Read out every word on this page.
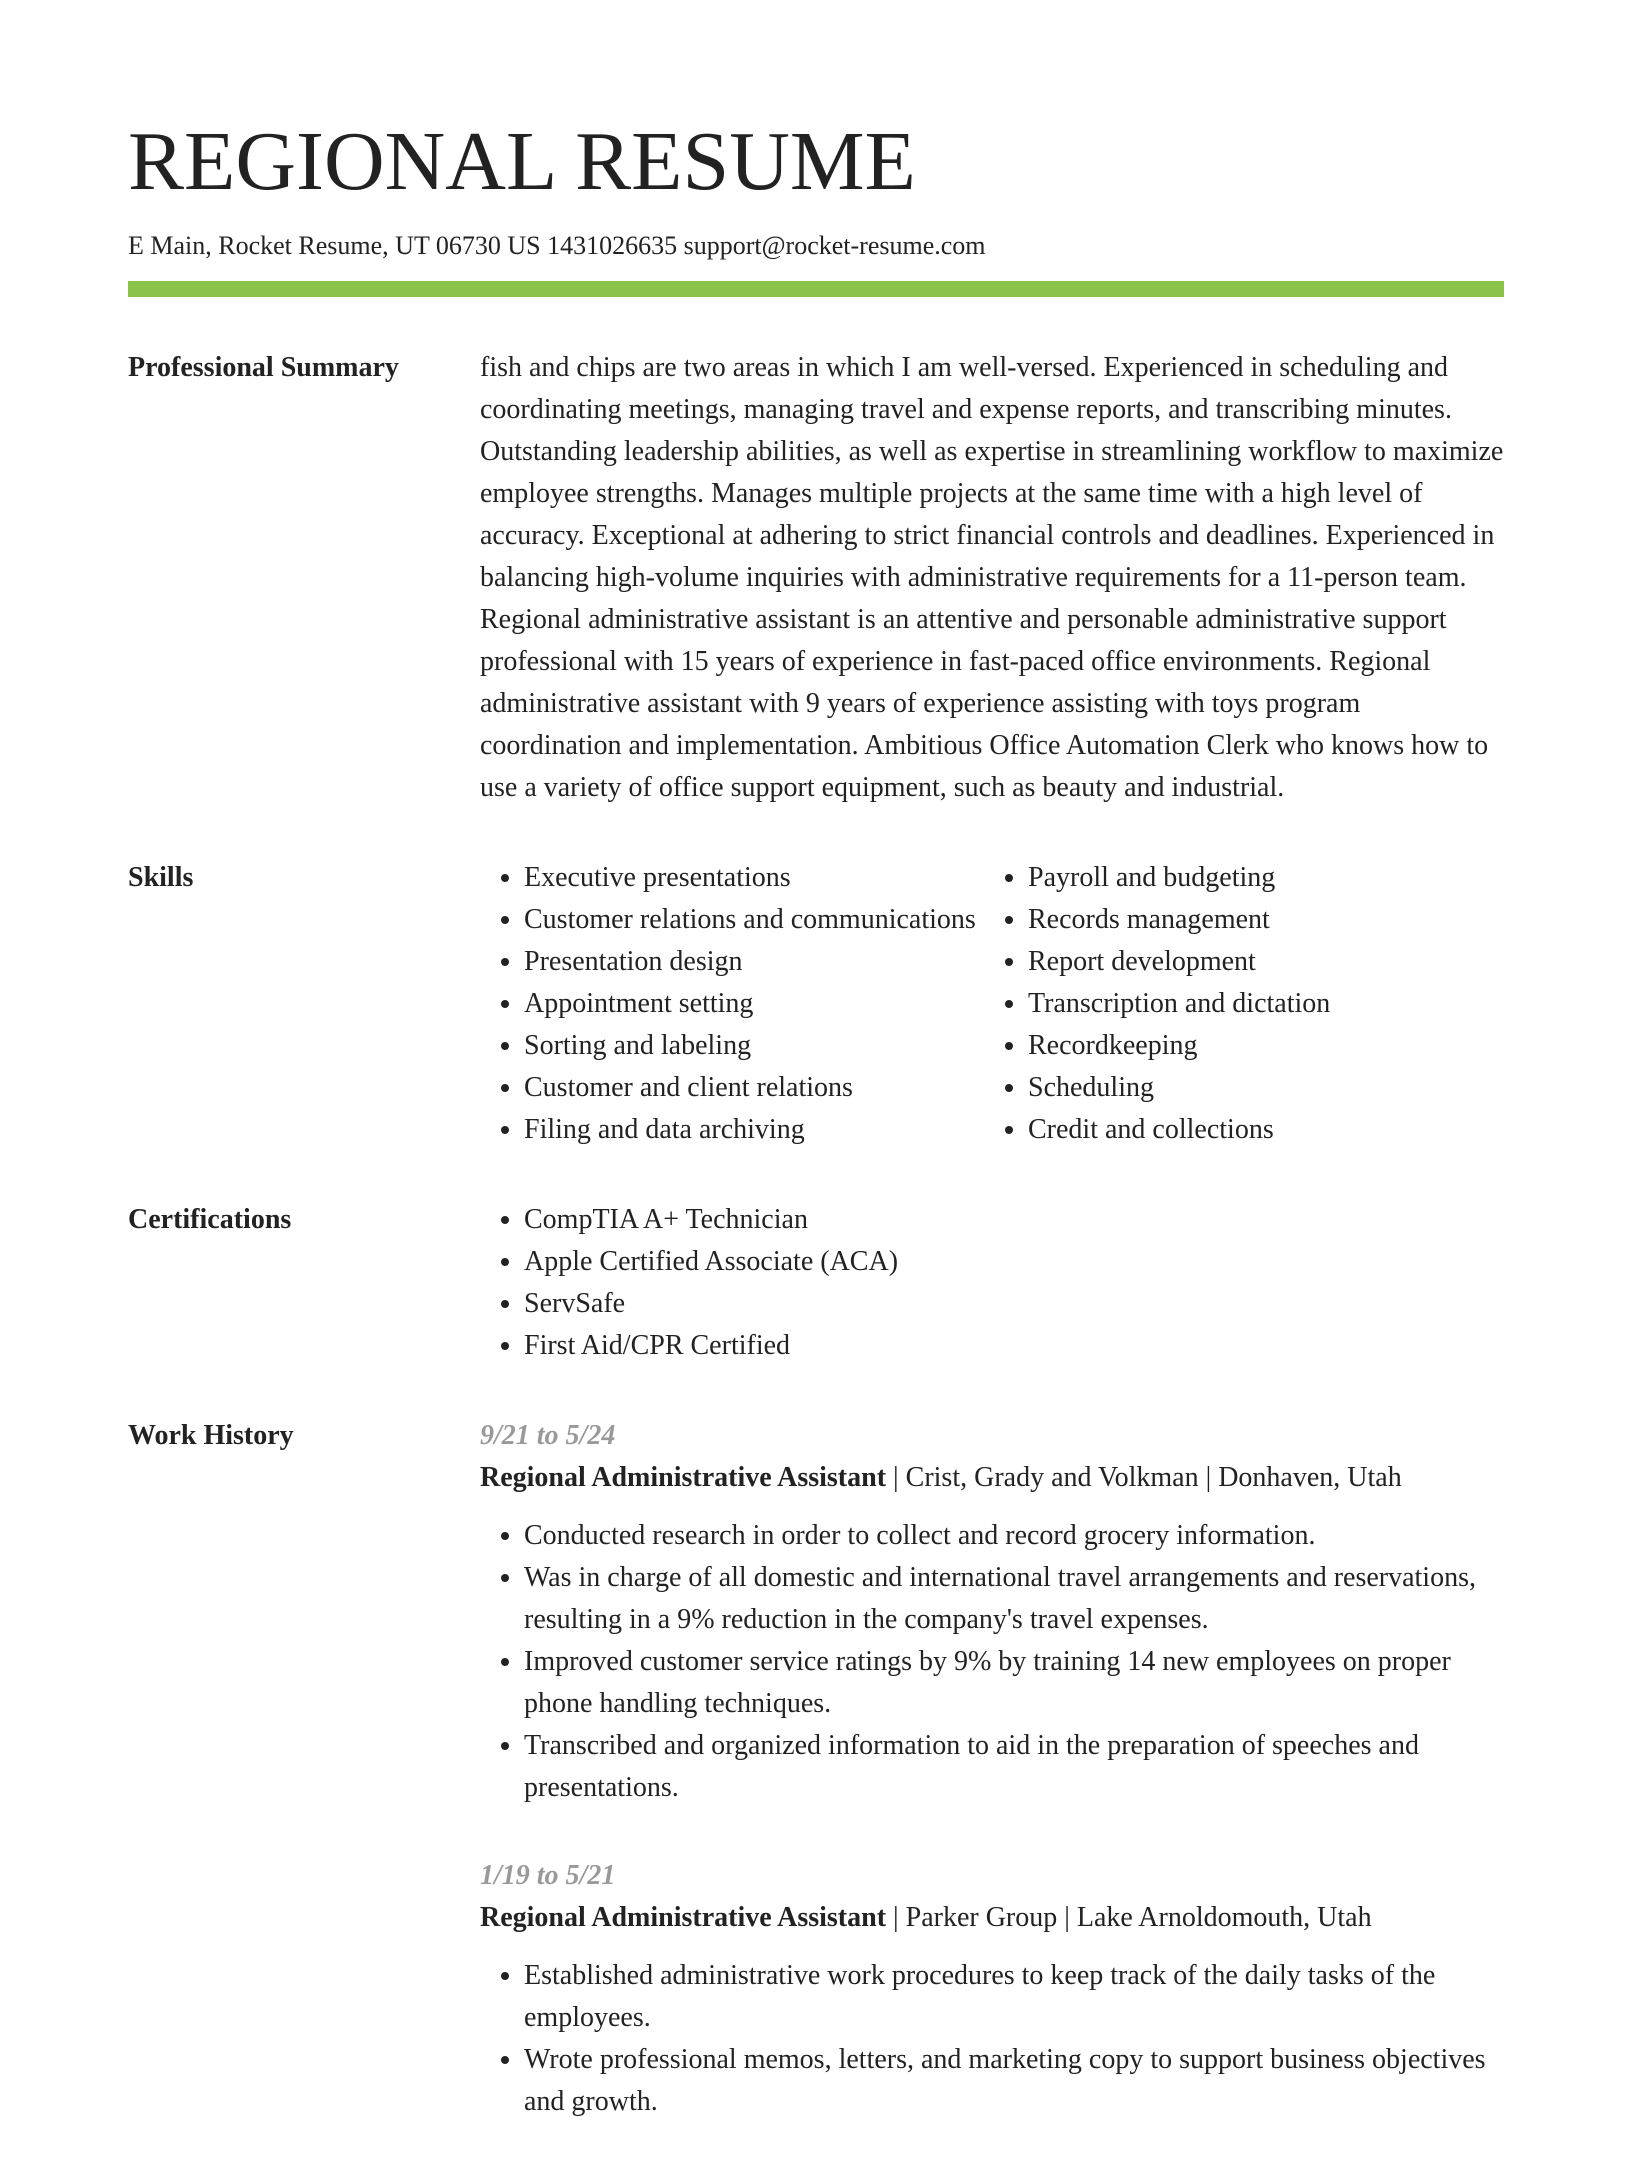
REGIONAL RESUME
E Main, Rocket Resume, UT 06730 US 1431026635 support@rocket-resume.com
Professional Summary	fish and chips are two areas in which I am well-versed. Experienced in scheduling and coordinating meetings, managing travel and expense reports, and transcribing minutes. Outstanding leadership abilities, as well as expertise in streamlining workflow to maximize employee strengths. Manages multiple projects at the same time with a high level of accuracy. Exceptional at adhering to strict financial controls and deadlines. Experienced in balancing high-volume inquiries with administrative requirements for a 11-person team. Regional administrative assistant is an attentive and personable administrative support professional with 15 years of experience in fast-paced office environments. Regional administrative assistant with 9 years of experience assisting with toys program coordination and implementation. Ambitious Office Automation Clerk who knows how to use a variety of office support equipment, such as beauty and industrial.

Skills	• Executive presentations
• Customer relations and communications
• Presentation design
• Appointment setting
• Sorting and labeling
• Customer and client relations
• Filing and data archiving
• Payroll and budgeting
• Records management
• Report development
• Transcription and dictation
• Recordkeeping
• Scheduling
• Credit and collections
Certifications	• CompTIA A+ Technician
• Apple Certified Associate (ACA)
• ServSafe
• First Aid/CPR Certified
Work History	9/21 to 5/24
Regional Administrative Assistant | Crist, Grady and Volkman | Donhaven, Utah
• Conducted research in order to collect and record grocery information.
• Was in charge of all domestic and international travel arrangements and reservations, resulting in a 9% reduction in the company's travel expenses.
• Improved customer service ratings by 9% by training 14 new employees on proper phone handling techniques.
• Transcribed and organized information to aid in the preparation of speeches and presentations.
1/19 to 5/21
Regional Administrative Assistant | Parker Group | Lake Arnoldomouth, Utah
• Established administrative work procedures to keep track of the daily tasks of the employees.
• Wrote professional memos, letters, and marketing copy to support business objectives and growth.
